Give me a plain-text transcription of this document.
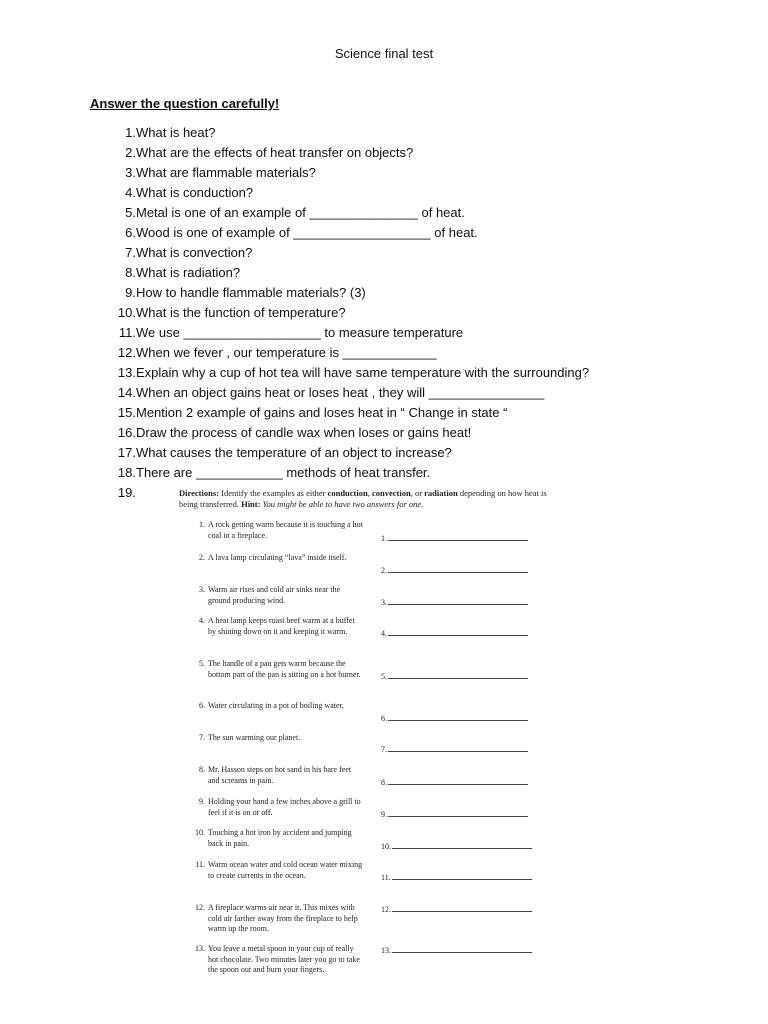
Science final test
Answer the question carefully!
1. What is heat?
2. What are the effects of heat transfer on objects?
3. What are flammable materials?
4. What is conduction?
5. Metal is one of an example of _______________ of heat.
6. Wood is one of example of ___________________ of heat.
7. What is convection?
8. What is radiation?
9. How to handle flammable materials? (3)
10. What is the function of temperature?
11. We use ___________________ to measure temperature
12. When we fever , our temperature is _____________
13. Explain why a cup of hot tea will have same temperature with the surrounding?
14. When an object gains heat or loses heat , they will ________________
15. Mention 2 example of gains and loses heat in “ Change in state “
16. Draw the process of candle wax when loses or gains heat!
17. What causes the temperature of an object to increase?
18. There are ____________ methods of heat transfer.
19.	Directions: Identify the examples as either conduction, convection, or radiation depending on how heat is being transferred. Hint: You might be able to have two answers for one.
1. A rock getting warm because it is touching a hot coal in a fireplace.	1.
2. A lava lamp circulating “lava” inside itself.
2.
3. Warm air rises and cold air sinks near the ground producing wind.	3.
4. A heat lamp keeps roast beef warm at a buffet by shining down on it and keeping it warm.	4.
5. The handle of a pan gets warm because the bottom part of the pan is sitting on a hot burner.	5.
6. Water circulating in a pot of boiling water.
6.
7. The sun warming our planet.
7.
8. Mr. Hasson steps on hot sand in his bare feet and screams in pain.	8.
9. Holding your hand a few inches above a grill to feel if it is on or off.	9.
10. Touching a hot iron by accident and jumping back in pain.	10.
11. Warm ocean water and cold ocean water mixing to create currents in the ocean.	11.
12. A fireplace warms air near it. This mixes with cold air farther away from the fireplace to help warm up the room.
12.
13. You leave a metal spoon in your cup of really hot chocolate. Two minutes later you go to take the spoon out and burn your fingers.
13.
